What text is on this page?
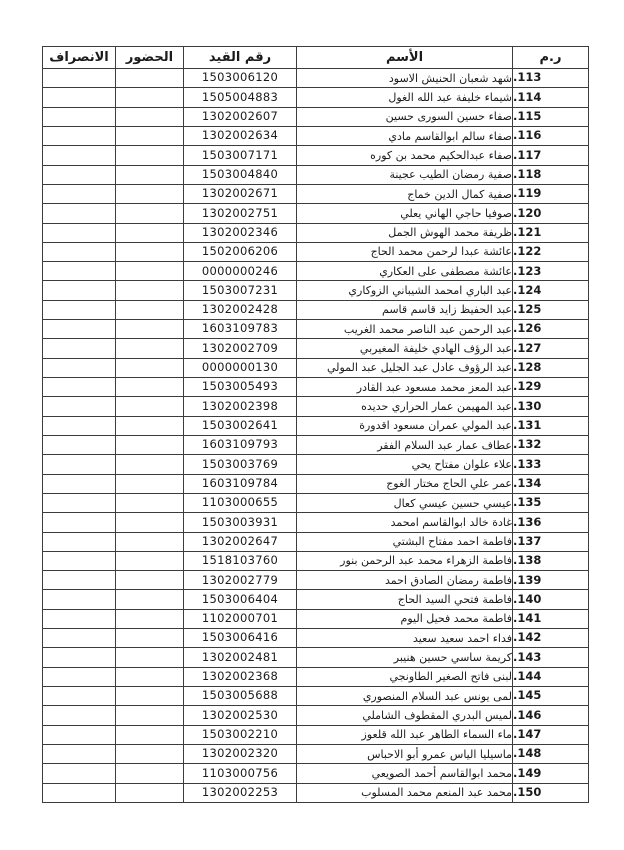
الانصراف	الحضور	رقم القيد	الأسم	ر.م
		1503006120	شهد شعبان الحنيش الاسود	.113
		1505004883	شيماء خليفة عبد الله الغول	.114
		1302002607	صفاء حسين السورى حسين	.115
		1302002634	صفاء سالم ابوالقاسم مادي	.116
		1503007171	صفاء عبدالحكيم محمد بن كوره	.117
		1503004840	صفية رمضان الطيب عجينة	.118
		1302002671	صفية كمال الدين خماج	.119
		1302002751	صوفيا حاجي الهاني يعلي	.120
		1302002346	ظريفة محمد الهوش الجمل	.121
		1502006206	عائشة عبدا لرحمن محمد الحاج	.122
		0000000246	عائشة مصطفى على العكاري	.123
		1503007231	عبد الباري امحمد الشيباني الزوكاري	.124
		1302002428	عبد الحفيظ زايد قاسم قاسم	.125
		1603109783	عبد الرحمن عبد الناصر محمد الغريب	.126
		1302002709	عبد الرؤف الهادي خليفة المغيربي	.127
		0000000130	عبد الرؤوف عادل عبد الجليل عبد المولي	.128
		1503005493	عبد المعز محمد مسعود عبد القادر	.129
		1302002398	عبد المهيمن عمار الحراري حديده	.130
		1503002641	عبد المولي عمران مسعود اقدورة	.131
		1603109793	عطاف عمار عبد السلام الفقر	.132
		1503003769	علاء علوان مفتاح يحي	.133
		1603109784	عمر علي الحاج مختار الغوج	.134
		1103000655	عيسي حسين عيسي كعال	.135
		1503003931	غادة خالد ابوالقاسم امحمد	.136
		1302002647	فاطمة احمد مفتاح البشتي	.137
		1518103760	فاطمة الزهراء محمد عبد الرحمن بنور	.138
		1302002779	فاطمة رمضان الصادق احمد	.139
		1503006404	فاطمة فتحي السيد الحاج	.140
		1102000701	فاطمة محمد فحيل اليوم	.141
		1503006416	فداء احمد سعيد سعيد	.142
		1302002481	كريمة ساسي حسين هنيبر	.143
		1302002368	لبنى فاتح الصغير الطاونجي	.144
		1503005688	لمى يونس عبد السلام المنصوري	.145
		1302002530	لميس البدري المقطوف الشاملي	.146
		1503002210	ماء السماء الطاهر عبد الله قلعوز	.147
		1302002320	ماسيليا الياس عمرو أبو الاحباس	.148
		1103000756	محمد ابوالقاسم أحمد الصويعي	.149
		1302002253	محمد عبد المنعم محمد المسلوب	.150
